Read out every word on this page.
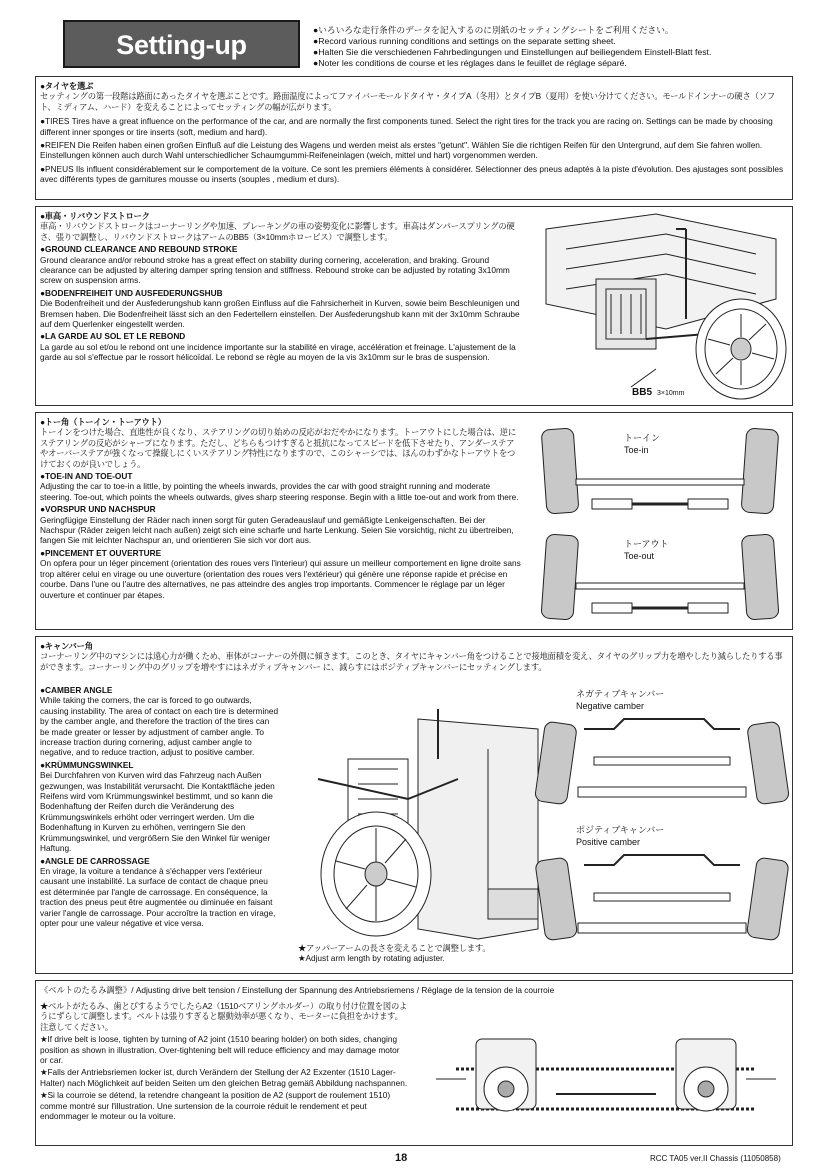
Setting-up	●いろいろな走行条件のデータを記入するのに別紙のセッティングシートをご利用ください。
●Record various running conditions and settings on the separate setting sheet.
●Halten Sie die verschiedenen Fahrbedingungen und Einstellungen auf beiliegendem Einstell-Blatt fest.
●Noter les conditions de course et les réglages dans le feuillet de réglage séparé.

●タイヤを選ぶ

セッティングの第一段階は路面にあったタイヤを選ぶことです。路面温度によってファイバーモールドタイヤ・タイプA（冬用）とタイプB（夏用）を使い分けてください。モールドインナーの硬さ（ソフト、ミディアム、ハード）を変えることによってセッティングの幅が広がります。

●TIRES Tires have a great influence on the performance of the car, and are normally the first components tuned. Select the right tires for the track you are racing on. Settings can be made by choosing different inner sponges or tire inserts (soft, medium and hard).

●REIFEN Die Reifen haben einen großen Einfluß auf die Leistung des Wagens und werden meist als erstes "getunt". Wählen Sie die richtigen Reifen für den Untergrund, auf dem Sie fahren wollen. Einstellungen können auch durch Wahl unterschiedlicher Schaumgummi-Reifeneinlagen (weich, mittel und hart) vorgenommen werden.

●PNEUS Ils influent considérablement sur le comportement de la voiture. Ce sont les premiers éléments à considérer. Sélectionner des pneus adaptés à la piste d'évolution. Des ajustages sont possibles avec différents types de garnitures mousse ou inserts (souples , medium et durs).

●車高・リバウンドストローク

車高・リバウンドストロークはコーナーリングや加速、ブレーキングの車の姿勢変化に影響します。車高はダンパースプリングの硬さ、張りで調整し、リバウンドストロークはアームのBB5（3×10mmホロービス）で調整します。

●GROUND CLEARANCE AND REBOUND STROKE

Ground clearance and/or rebound stroke has a great effect on stability during cornering, acceleration, and braking. Ground clearance can be adjusted by altering damper spring tension and stiffness. Rebound stroke can be adjusted by rotating 3x10mm screw on suspension arms.

●BODENFREIHEIT UND AUSFEDERUNGSHUB

Die Bodenfreiheit und der Ausfederungshub kann großen Einfluss auf die Fahrsicherheit in Kurven, sowie beim Beschleunigen und Bremsen haben. Die Bodenfreiheit lässt sich an den Federtellern einstellen. Der Ausfederungshub kann mit der 3x10mm Schraube auf dem Querlenker eingestellt werden.

●LA GARDE AU SOL ET LE REBOND

La garde au sol et/ou le rebond ont une incidence importante sur la stabilité en virage, accélération et freinage. L'ajustement de la garde au sol s'effectue par le rossort hélicoïdal. Le rebond se règle au moyen de la vis 3x10mm sur le bras de suspension.

BB5 3×10mm

●トー角（トーイン・トーアウト）

トーインをつけた場合、直進性が良くなり、ステアリングの切り始めの反応がおだやかになります。トーアウトにした場合は、逆にステアリングの反応がシャープになります。ただし、どちらもつけすぎると抵抗になってスピードを低下させたり、アンダーステアやオーバーステアが強くなって操縦しにくいステアリング特性になりますので、このシャーシでは、ほんのわずかなトーアウトをつけておくのが良いでしょう。

●TOE-IN AND TOE-OUT

Adjusting the car to toe-in a little, by pointing the wheels inwards, provides the car with good straight running and moderate steering. Toe-out, which points the wheels outwards, gives sharp steering response. Begin with a little toe-out and work from there.

●VORSPUR UND NACHSPUR

Geringfügige Einstellung der Räder nach innen sorgt für guten Geradeauslauf und gemäßigte Lenkeigenschaften. Bei der Nachspur (Räder zeigen leicht nach außen) zeigt sich eine scharfe und harte Lenkung. Seien Sie vorsichtig, nicht zu übertreiben, fangen Sie mit leichter Nachspur an, und orientieren Sie sich vor dort aus.

●PINCEMENT ET OUVERTURE

On opfera pour un léger pincement (orientation des roues vers l'interieur) qui assure un meilleur comportement en ligne droite sans trop altérer celui en virage ou une ouverture (orientation des roues vers l'extérieur) qui génère une réponse rapide et précise en courbe. Dans l'une ou l'autre des alternatives, ne pas atteindre des angles trop importants. Commencer le réglage par un léger ouverture et continuer par étapes.

トーイン
Toe-in
トーアウト
Toe-out

●キャンバー角

コーナーリング中のマシンには遠心力が働くため、車体がコーナーの外側に傾きます。このとき、タイヤにキャンバー角をつけることで接地面積を変え、タイヤのグリップ力を増やしたり減らしたりする事ができます。コーナーリング中のグリップを増やすにはネガティブキャンバー に、減らすにはポジティブキャンバーにセッティングします。

●CAMBER ANGLE

While taking the corners, the car is forced to go outwards, causing instability. The area of contact on each tire is determined by the camber angle, and therefore the traction of the tires can be made greater or lesser by adjustment of camber angle. To increase traction during cornering, adjust camber angle to negative, and to reduce traction, adjust to positive camber.

●KRÜMMUNGSWINKEL

Bei Durchfahren von Kurven wird das Fahrzeug nach Außen gezwungen, was Instabilität verursacht. Die Kontaktfläche jeden Reifens wird vom Krümmungswinkel bestimmt, und so kann die Bodenhaftung der Reifen durch die Veränderung des Krümmungswinkels erhöht oder verringert werden. Um die Bodenhaftung in Kurven zu erhöhen, verringern Sie den Krümmungswinkel, und vergrößern Sie den Winkel für weniger Haftung.

●ANGLE DE CARROSSAGE

En virage, la voiture a tendance à s'échapper vers l'extérieur causant une instabilité. La surface de contact de chaque pneu est déterminée par l'angle de carrossage. En conséquence, la traction des pneus peut être augmentée ou diminuée en faisant varier l'angle de carrossage. Pour accroître la traction en virage, opter pour une valeur négative et vice versa.

★アッパーアームの長さを変えることで調整します。

★Adjust arm length by rotating adjuster.

ネガティブキャンバー
Negative camber
ポジティブキャンバー
Positive camber

《ベルトのたるみ調整》/ Adjusting drive belt tension / Einstellung der Spannung des Antriebsriemens / Réglage de la tension de la courroie

★ベルトがたるみ、歯とびするようでしたらA2（1510ベアリングホルダー）の取り付け位置を図のようにずらして調整します。ベルトは張りすぎると駆動効率が悪くなり、モーターに負担をかけます。注意してください。

★If drive belt is loose, tighten by turning of A2 joint (1510 bearing holder) on both sides, changing position as shown in illustration. Over-tightening belt will reduce efficiency and may damage motor or car.

★Falls der Antriebsriemen locker ist, durch Verändern der Stellung der A2 Exzenter (1510 Lager-Halter) nach Möglichkeit auf beiden Seiten um den gleichen Betrag gemäß Abbildung nachspannen.

★Si la courroie se détend, la retendre changeant la position de A2 (support de roulement 1510) comme montré sur l'illustration. Une surtension de la courroie réduit le rendement et peut endommager le moteur ou la voiture.

18	RCC TA05 ver.II Chassis (11050858)
